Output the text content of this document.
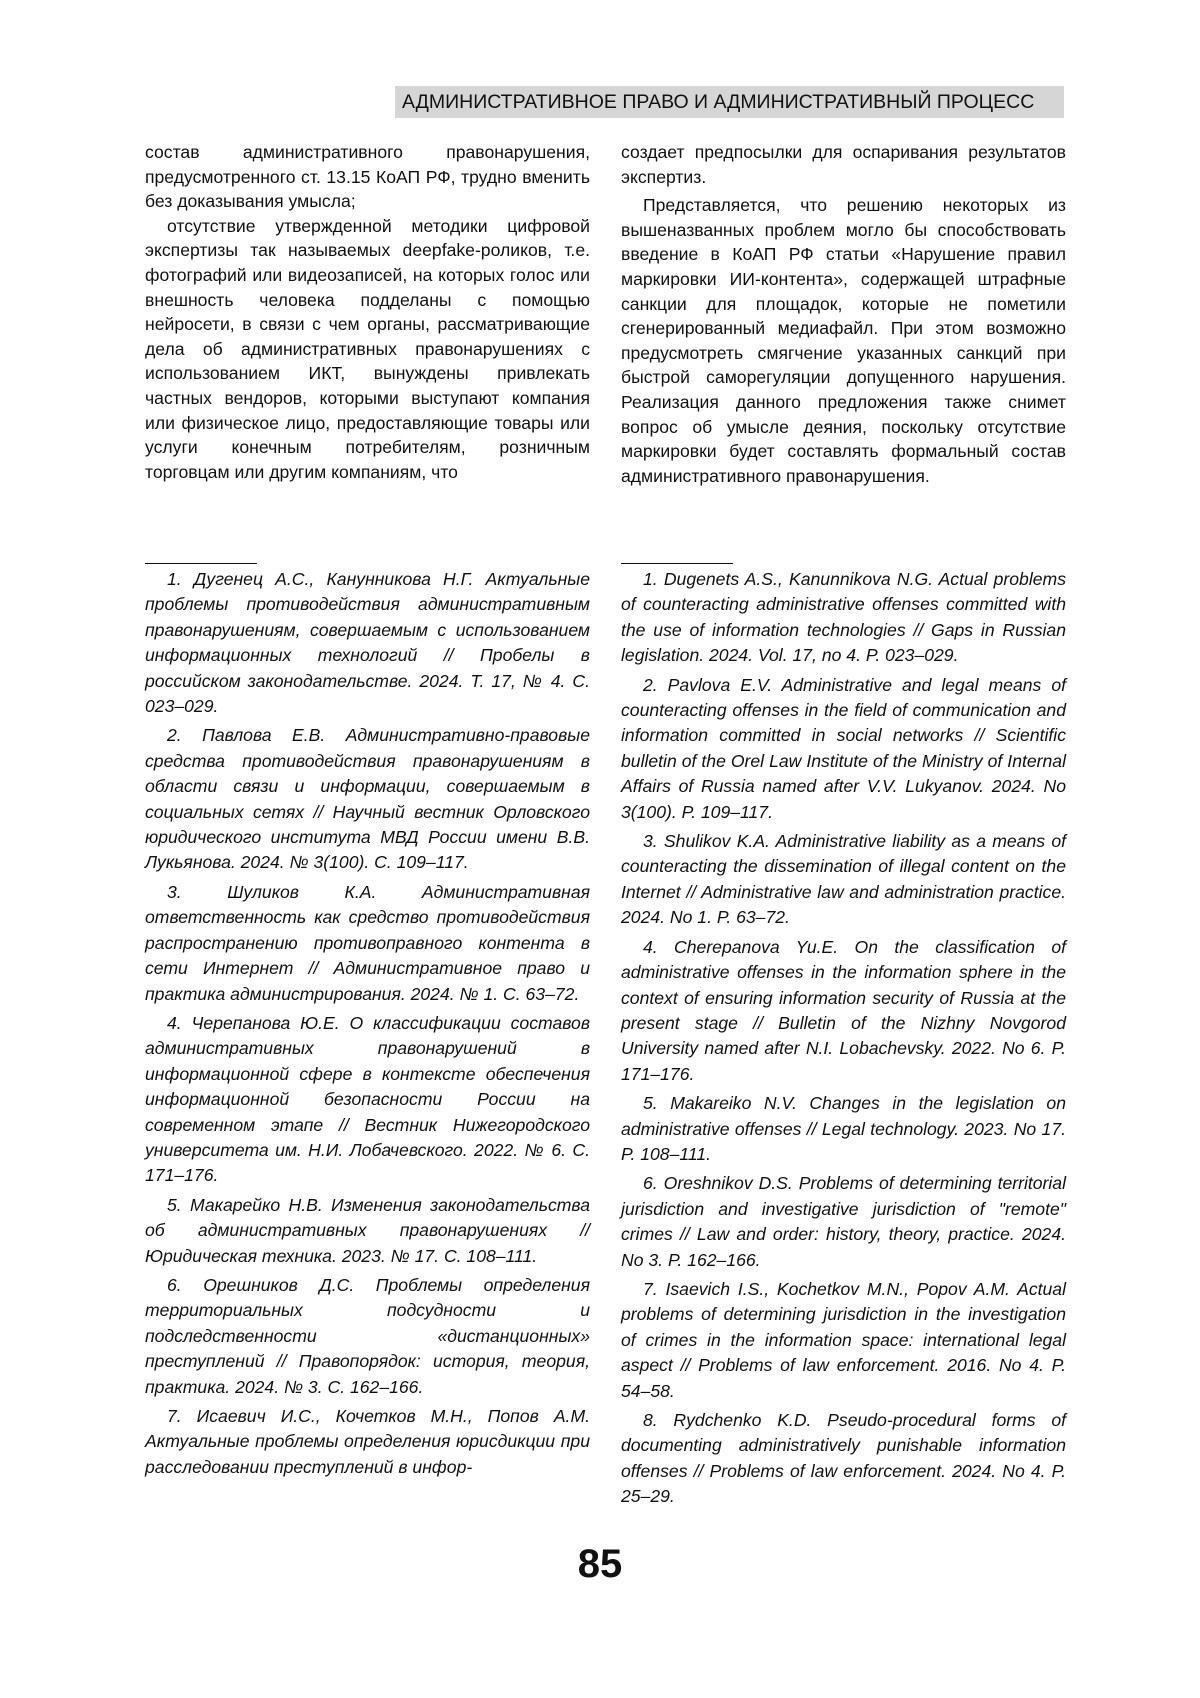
АДМИНИСТРАТИВНОЕ ПРАВО И АДМИНИСТРАТИВНЫЙ ПРОЦЕСС

состав административного правонарушения, предусмотренного ст. 13.15 КоАП РФ, трудно вменить без доказывания умысла;

отсутствие утвержденной методики цифровой экспертизы так называемых deepfake-роликов, т.е. фотографий или видеозаписей, на которых голос или внешность человека подделаны с помощью нейросети, в связи с чем органы, рассматривающие дела об административных правонарушениях с использованием ИКТ, вынуждены привлекать частных вендоров, которыми выступают компания или физическое лицо, предоставляющие товары или услуги конечным потребителям, розничным торговцам или другим компаниям, что

создает предпосылки для оспаривания результатов экспертиз.

Представляется, что решению некоторых из вышеназванных проблем могло бы способствовать введение в КоАП РФ статьи «Нарушение правил маркировки ИИ-контента», содержащей штрафные санкции для площадок, которые не пометили сгенерированный медиафайл. При этом возможно предусмотреть смягчение указанных санкций при быстрой саморегуляции допущенного нарушения. Реализация данного предложения также снимет вопрос об умысле деяния, поскольку отсутствие маркировки будет составлять формальный состав административного правонарушения.

1. Дугенец А.С., Канунникова Н.Г. Актуальные проблемы противодействия административным правонарушениям, совершаемым с использованием информационных технологий // Пробелы в российском законодательстве. 2024. Т. 17, № 4. С. 023–029.

2. Павлова Е.В. Административно-правовые средства противодействия правонарушениям в области связи и информации, совершаемым в социальных сетях // Научный вестник Орловского юридического института МВД России имени В.В. Лукьянова. 2024. № 3(100). С. 109–117.

3. Шуликов К.А. Административная ответственность как средство противодействия распространению противоправного контента в сети Интернет // Административное право и практика администрирования. 2024. № 1. С. 63–72.

4. Черепанова Ю.Е. О классификации составов административных правонарушений в информационной сфере в контексте обеспечения информационной безопасности России на современном этапе // Вестник Нижегородского университета им. Н.И. Лобачевского. 2022. № 6. С. 171–176.

5. Макарейко Н.В. Изменения законодательства об административных правонарушениях // Юридическая техника. 2023. № 17. С. 108–111.

6. Орешников Д.С. Проблемы определения территориальных подсудности и подследственности «дистанционных» преступлений // Правопорядок: история, теория, практика. 2024. № 3. С. 162–166.

7. Исаевич И.С., Кочетков М.Н., Попов А.М. Актуальные проблемы определения юрисдикции при расследовании преступлений в инфор-

1. Dugenets A.S., Kanunnikova N.G. Actual problems of counteracting administrative offenses committed with the use of information technologies // Gaps in Russian legislation. 2024. Vol. 17, no 4. P. 023–029.

2. Pavlova E.V. Administrative and legal means of counteracting offenses in the field of communication and information committed in social networks // Scientific bulletin of the Orel Law Institute of the Ministry of Internal Affairs of Russia named after V.V. Lukyanov. 2024. No 3(100). P. 109–117.

3. Shulikov K.A. Administrative liability as a means of counteracting the dissemination of illegal content on the Internet // Administrative law and administration practice. 2024. No 1. P. 63–72.

4. Cherepanova Yu.E. On the classification of administrative offenses in the information sphere in the context of ensuring information security of Russia at the present stage // Bulletin of the Nizhny Novgorod University named after N.I. Lobachevsky. 2022. No 6. P. 171–176.

5. Makareiko N.V. Changes in the legislation on administrative offenses // Legal technology. 2023. No 17. P. 108–111.

6. Oreshnikov D.S. Problems of determining territorial jurisdiction and investigative jurisdiction of "remote" crimes // Law and order: history, theory, practice. 2024. No 3. P. 162–166.

7. Isaevich I.S., Kochetkov M.N., Popov A.M. Actual problems of determining jurisdiction in the investigation of crimes in the information space: international legal aspect // Problems of law enforcement. 2016. No 4. P. 54–58.

8. Rydchenko K.D. Pseudo-procedural forms of documenting administratively punishable information offenses // Problems of law enforcement. 2024. No 4. P. 25–29.

85
